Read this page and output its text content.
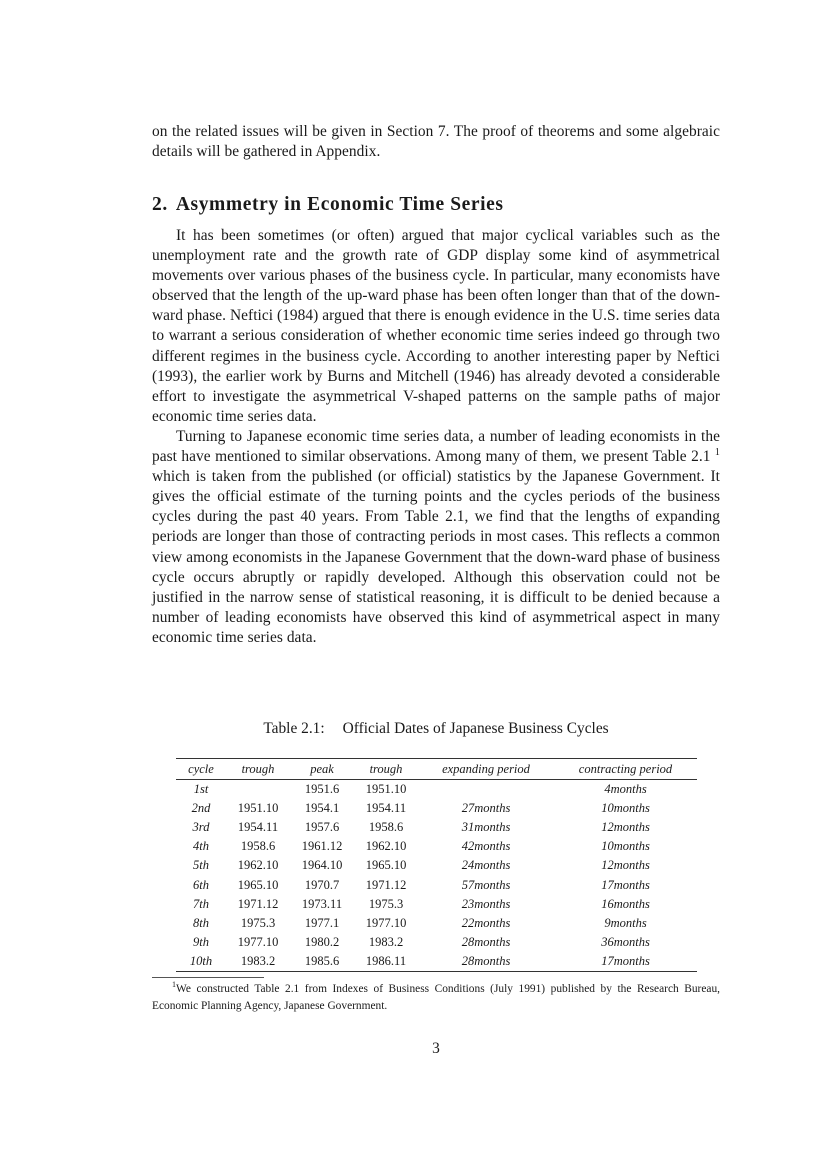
on the related issues will be given in Section 7. The proof of theorems and some algebraic details will be gathered in Appendix.
2. Asymmetry in Economic Time Series

It has been sometimes (or often) argued that major cyclical variables such as the unemployment rate and the growth rate of GDP display some kind of asymmetrical movements over various phases of the business cycle. In particular, many economists have observed that the length of the up-ward phase has been often longer than that of the down-ward phase. Neftici (1984) argued that there is enough evidence in the U.S. time series data to warrant a serious consideration of whether economic time series indeed go through two different regimes in the business cycle. According to another interesting paper by Neftici (1993), the earlier work by Burns and Mitchell (1946) has already devoted a considerable effort to investigate the asymmetrical V-shaped patterns on the sample paths of major economic time series data.

Turning to Japanese economic time series data, a number of leading economists in the past have mentioned to similar observations. Among many of them, we present Table 2.1 $^1$ which is taken from the published (or official) statistics by the Japanese Government. It gives the official estimate of the turning points and the cycles periods of the business cycles during the past 40 years. From Table 2.1, we find that the lengths of expanding periods are longer than those of contracting periods in most cases. This reflects a common view among economists in the Japanese Government that the down-ward phase of business cycle occurs abruptly or rapidly developed. Although this observation could not be justified in the narrow sense of statistical reasoning, it is difficult to be denied because a number of leading economists have observed this kind of asymmetrical aspect in many economic time series data.

Table 2.1: Official Dates of Japanese Business Cycles

cycle	trough	peak	trough	expanding period	contracting period
1st		1951.6	1951.10		4months
2nd	1951.10	1954.1	1954.11	27months	10months
3rd	1954.11	1957.6	1958.6	31months	12months
4th	1958.6	1961.12	1962.10	42months	10months
5th	1962.10	1964.10	1965.10	24months	12months
6th	1965.10	1970.7	1971.12	57months	17months
7th	1971.12	1973.11	1975.3	23months	16months
8th	1975.3	1977.1	1977.10	22months	9months
9th	1977.10	1980.2	1983.2	28months	36months
10th	1983.2	1985.6	1986.11	28months	17months

$^1$We constructed Table 2.1 from Indexes of Business Conditions (July 1991) published by the Research Bureau, Economic Planning Agency, Japanese Government.

3
